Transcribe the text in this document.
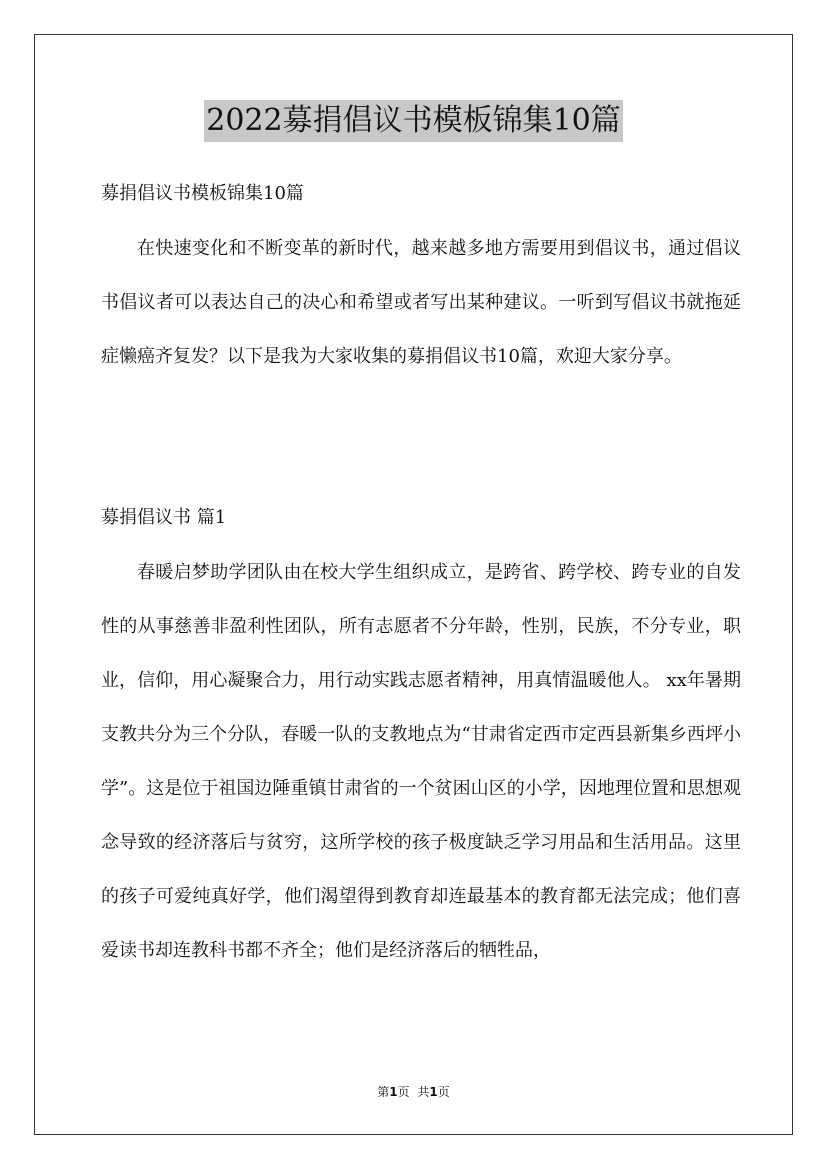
2022募捐倡议书模板锦集10篇
募捐倡议书模板锦集10篇

在快速变化和不断变革的新时代，越来越多地方需要用到倡议书，通过倡议书倡议者可以表达自己的决心和希望或者写出某种建议。一听到写倡议书就拖延症懒癌齐复发？以下是我为大家收集的募捐倡议书10篇，欢迎大家分享。

募捐倡议书 篇1

春暖启梦助学团队由在校大学生组织成立，是跨省、跨学校、跨专业的自发性的从事慈善非盈利性团队，所有志愿者不分年龄，性别，民族，不分专业，职业，信仰，用心凝聚合力，用行动实践志愿者精神，用真情温暖他人。 xx年暑期支教共分为三个分队，春暖一队的支教地点为“甘肃省定西市定西县新集乡西坪小学”。这是位于祖国边陲重镇甘肃省的一个贫困山区的小学，因地理位置和思想观念导致的经济落后与贫穷，这所学校的孩子极度缺乏学习用品和生活用品。这里的孩子可爱纯真好学，他们渴望得到教育却连最基本的教育都无法完成；他们喜爱读书却连教科书都不齐全；他们是经济落后的牺牲品，

第1页 共1页
